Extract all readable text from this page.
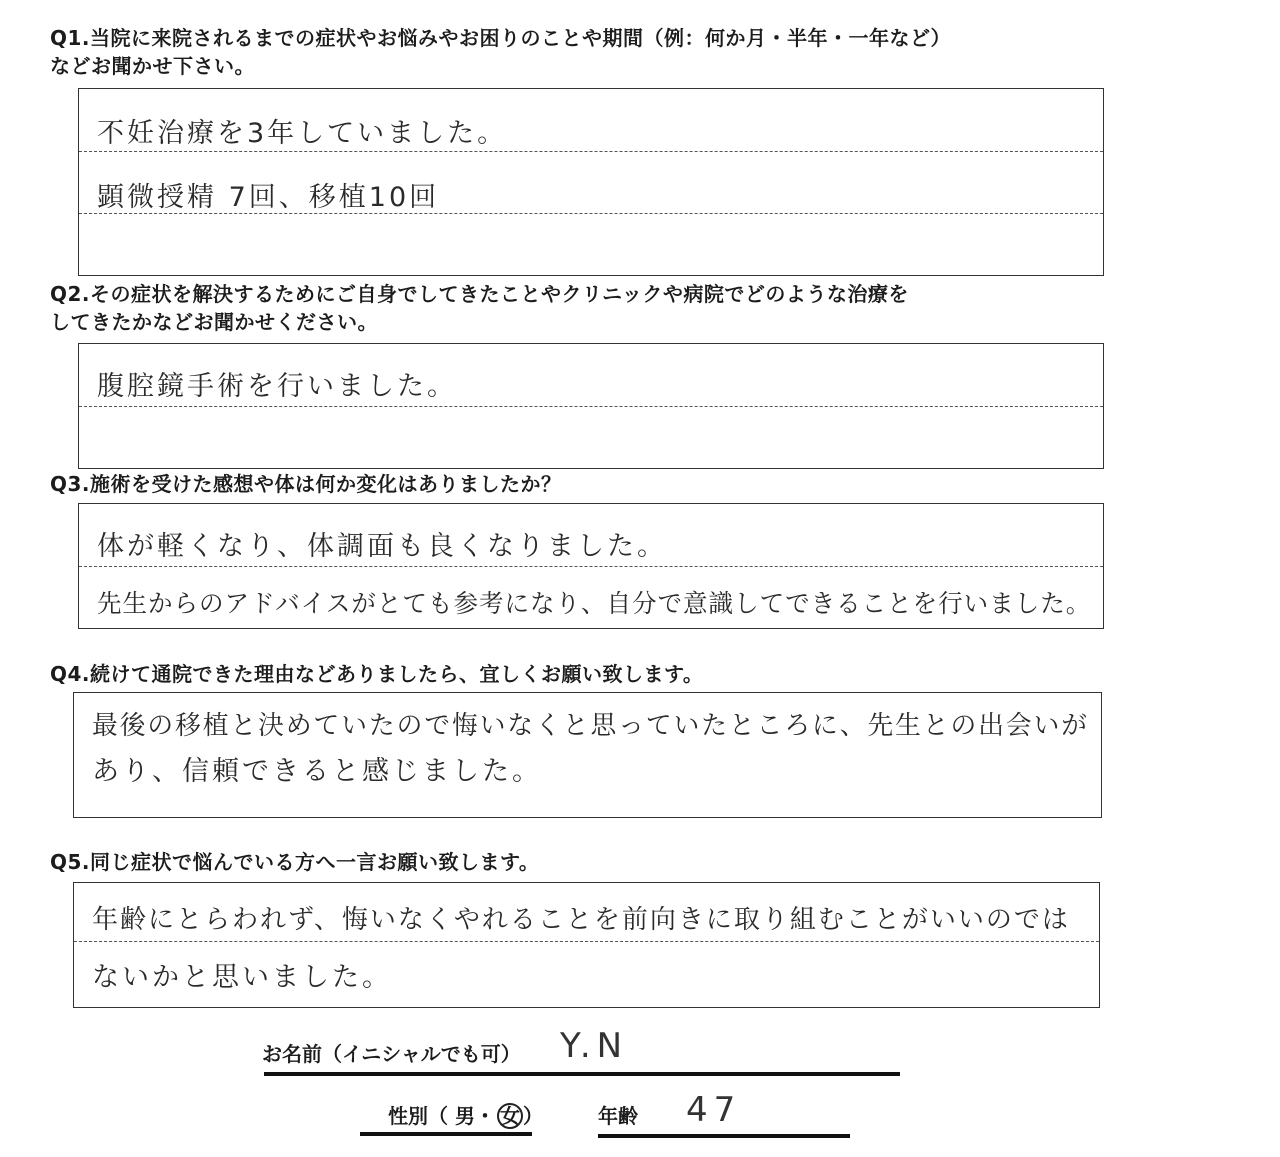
Q1.当院に来院されるまでの症状やお悩みやお困りのことや期間（例：何か月・半年・一年など）
などお聞かせ下さい。
不妊治療を3年していました。
顕微授精 7回、移植10回
Q2.その症状を解決するためにご自身でしてきたことやクリニックや病院でどのような治療を
してきたかなどお聞かせください。
腹腔鏡手術を行いました。
Q3.施術を受けた感想や体は何か変化はありましたか？
体が軽くなり、体調面も良くなりました。
先生からのアドバイスがとても参考になり、自分で意識してできることを行いました。
Q4.続けて通院できた理由などありましたら、宜しくお願い致します。
最後の移植と決めていたので悔いなくと思っていたところに、先生との出会いが
あり、信頼できると感じました。
Q5.同じ症状で悩んでいる方へ一言お願い致します。
年齢にとらわれず、悔いなくやれることを前向きに取り組むことがいいのでは
ないかと思いました。
お名前（イニシャルでも可） Y.N
性別（ 男・ 女 ）	年齢 47
